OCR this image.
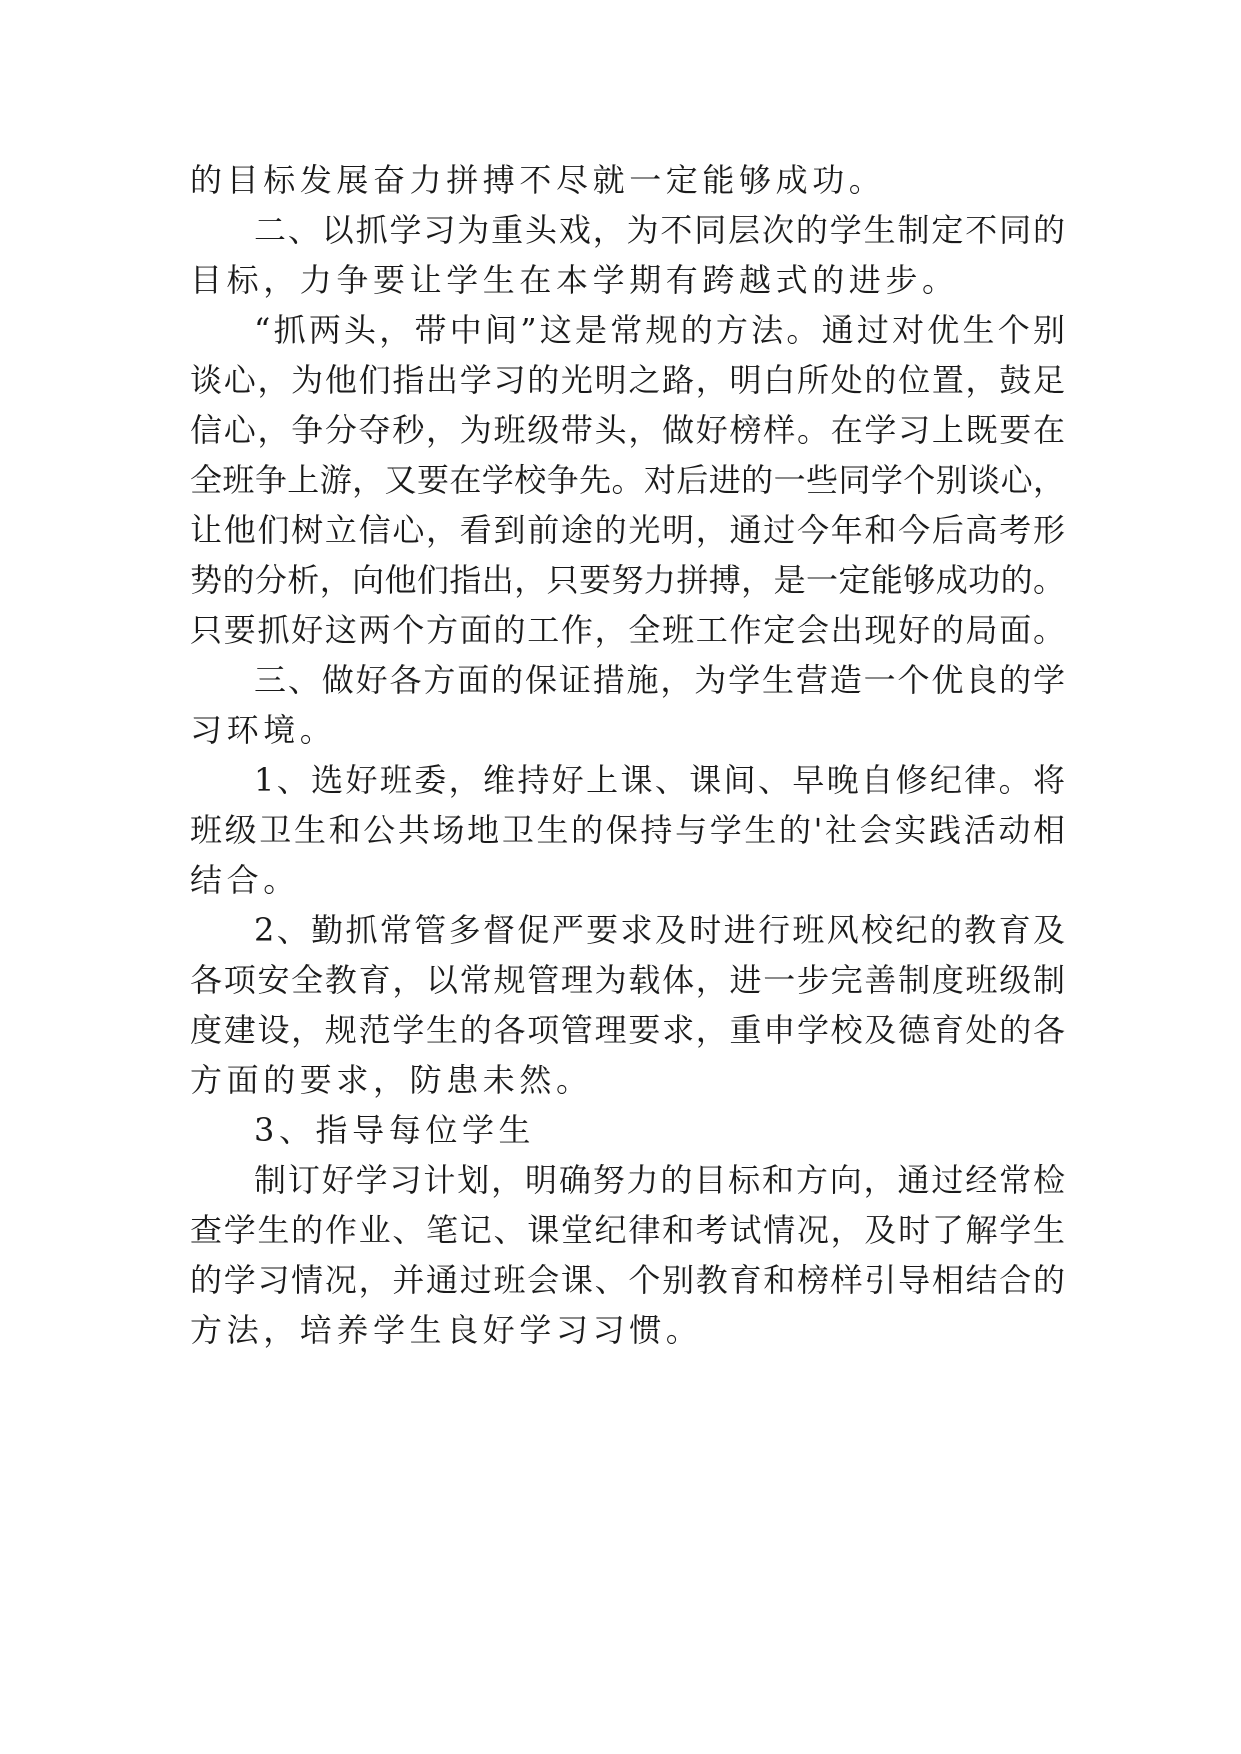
的目标发展奋力拼搏不尽就一定能够成功。
二、以抓学习为重头戏，为不同层次的学生制定不同的
目标，力争要让学生在本学期有跨越式的进步。
“抓两头，带中间”这是常规的方法。通过对优生个别
谈心，为他们指出学习的光明之路，明白所处的位置，鼓足
信心，争分夺秒，为班级带头，做好榜样。在学习上既要在
全班争上游，又要在学校争先。对后进的一些同学个别谈心，
让他们树立信心，看到前途的光明，通过今年和今后高考形
势的分析，向他们指出，只要努力拼搏，是一定能够成功的。
只要抓好这两个方面的工作，全班工作定会出现好的局面。
三、做好各方面的保证措施，为学生营造一个优良的学
习环境。
1、选好班委，维持好上课、课间、早晚自修纪律。将
班级卫生和公共场地卫生的保持与学生的'社会实践活动相
结合。
2、勤抓常管多督促严要求及时进行班风校纪的教育及
各项安全教育，以常规管理为载体，进一步完善制度班级制
度建设，规范学生的各项管理要求，重申学校及德育处的各
方面的要求，防患未然。
3、指导每位学生
制订好学习计划，明确努力的目标和方向，通过经常检
查学生的作业、笔记、课堂纪律和考试情况，及时了解学生
的学习情况，并通过班会课、个别教育和榜样引导相结合的
方法，培养学生良好学习习惯。
